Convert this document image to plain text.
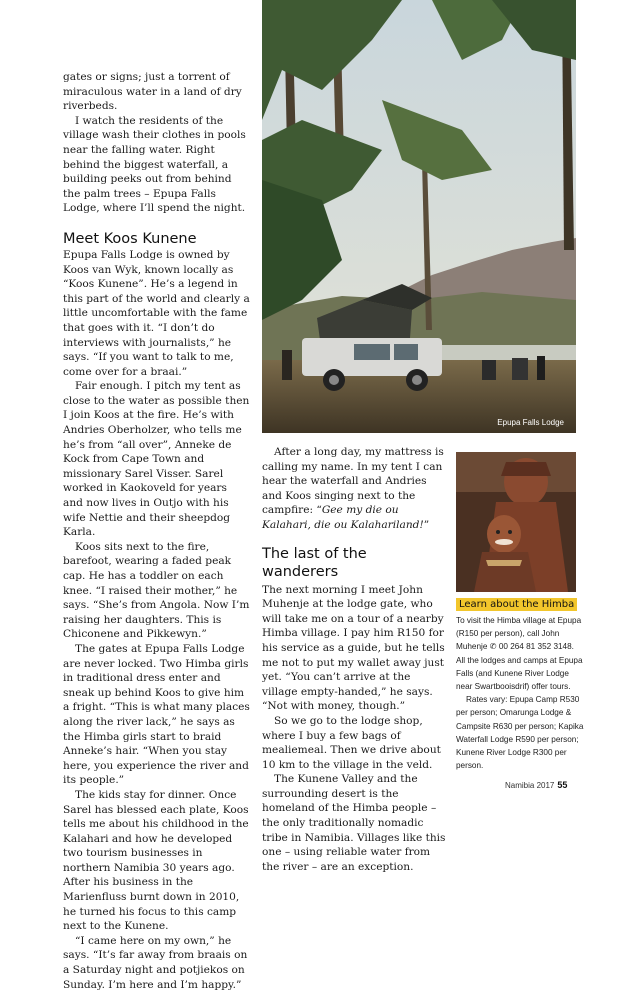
Epupa Falls Lodge

gates or signs; just a torrent of miraculous water in a land of dry riverbeds.

I watch the residents of the village wash their clothes in pools near the falling water. Right behind the biggest waterfall, a building peeks out from behind the palm trees – Epupa Falls Lodge, where I’ll spend the night.

Meet Koos Kunene

Epupa Falls Lodge is owned by Koos van Wyk, known locally as “Koos Kunene”. He’s a legend in this part of the world and clearly a little uncomfortable with the fame that goes with it. “I don’t do interviews with journalists,” he says. “If you want to talk to me, come over for a braai.”

Fair enough. I pitch my tent as close to the water as possible then I join Koos at the fire. He’s with Andries Oberholzer, who tells me he’s from “all over”, Anneke de Kock from Cape Town and missionary Sarel Visser. Sarel worked in Kaokoveld for years and now lives in Outjo with his wife Nettie and their sheepdog Karla.

Koos sits next to the fire, barefoot, wearing a faded peak cap. He has a toddler on each knee. “I raised their mother,” he says. “She’s from Angola. Now I’m raising her daughters. This is Chiconene and Pikkewyn.”

The gates at Epupa Falls Lodge are never locked. Two Himba girls in traditional dress enter and sneak up behind Koos to give him a fright. “This is what many places along the river lack,” he says as the Himba girls start to braid Anneke’s hair. “When you stay here, you experience the river and its people.”

The kids stay for dinner. Once Sarel has blessed each plate, Koos tells me about his childhood in the Kalahari and how he developed two tourism businesses in northern Namibia 30 years ago. After his business in the Marienfluss burnt down in 2010, he turned his focus to this camp next to the Kunene.

“I came here on my own,” he says. “It’s far away from braais on a Saturday night and potjiekos on Sunday. I’m here and I’m happy.”

After a long day, my mattress is calling my name. In my tent I can hear the waterfall and Andries and Koos singing next to the campfire: “Gee my die ou Kalahari, die ou Kalahariland!”

The last of the wanderers

The next morning I meet John Muhenje at the lodge gate, who will take me on a tour of a nearby Himba village. I pay him R150 for his service as a guide, but he tells me not to put my wallet away just yet. “You can’t arrive at the village empty-handed,” he says. “Not with money, though.”

So we go to the lodge shop, where I buy a few bags of mealiemeal. Then we drive about 10 km to the village in the veld.

The Kunene Valley and the surrounding desert is the homeland of the Himba people – the only traditionally nomadic tribe in Namibia. Villages like this one – using reliable water from the river – are an exception.

Learn about the Himba

To visit the Himba village at Epupa (R150 per person), call John Muhenje ✆ 00 264 81 352 3148. All the lodges and camps at Epupa Falls (and Kunene River Lodge near Swartbooisdrif) offer tours.

Rates vary: Epupa Camp R530 per person; Omarunga Lodge & Campsite R630 per person; Kapika Waterfall Lodge R590 per person; Kunene River Lodge R300 per person.

Namibia 2017 55
